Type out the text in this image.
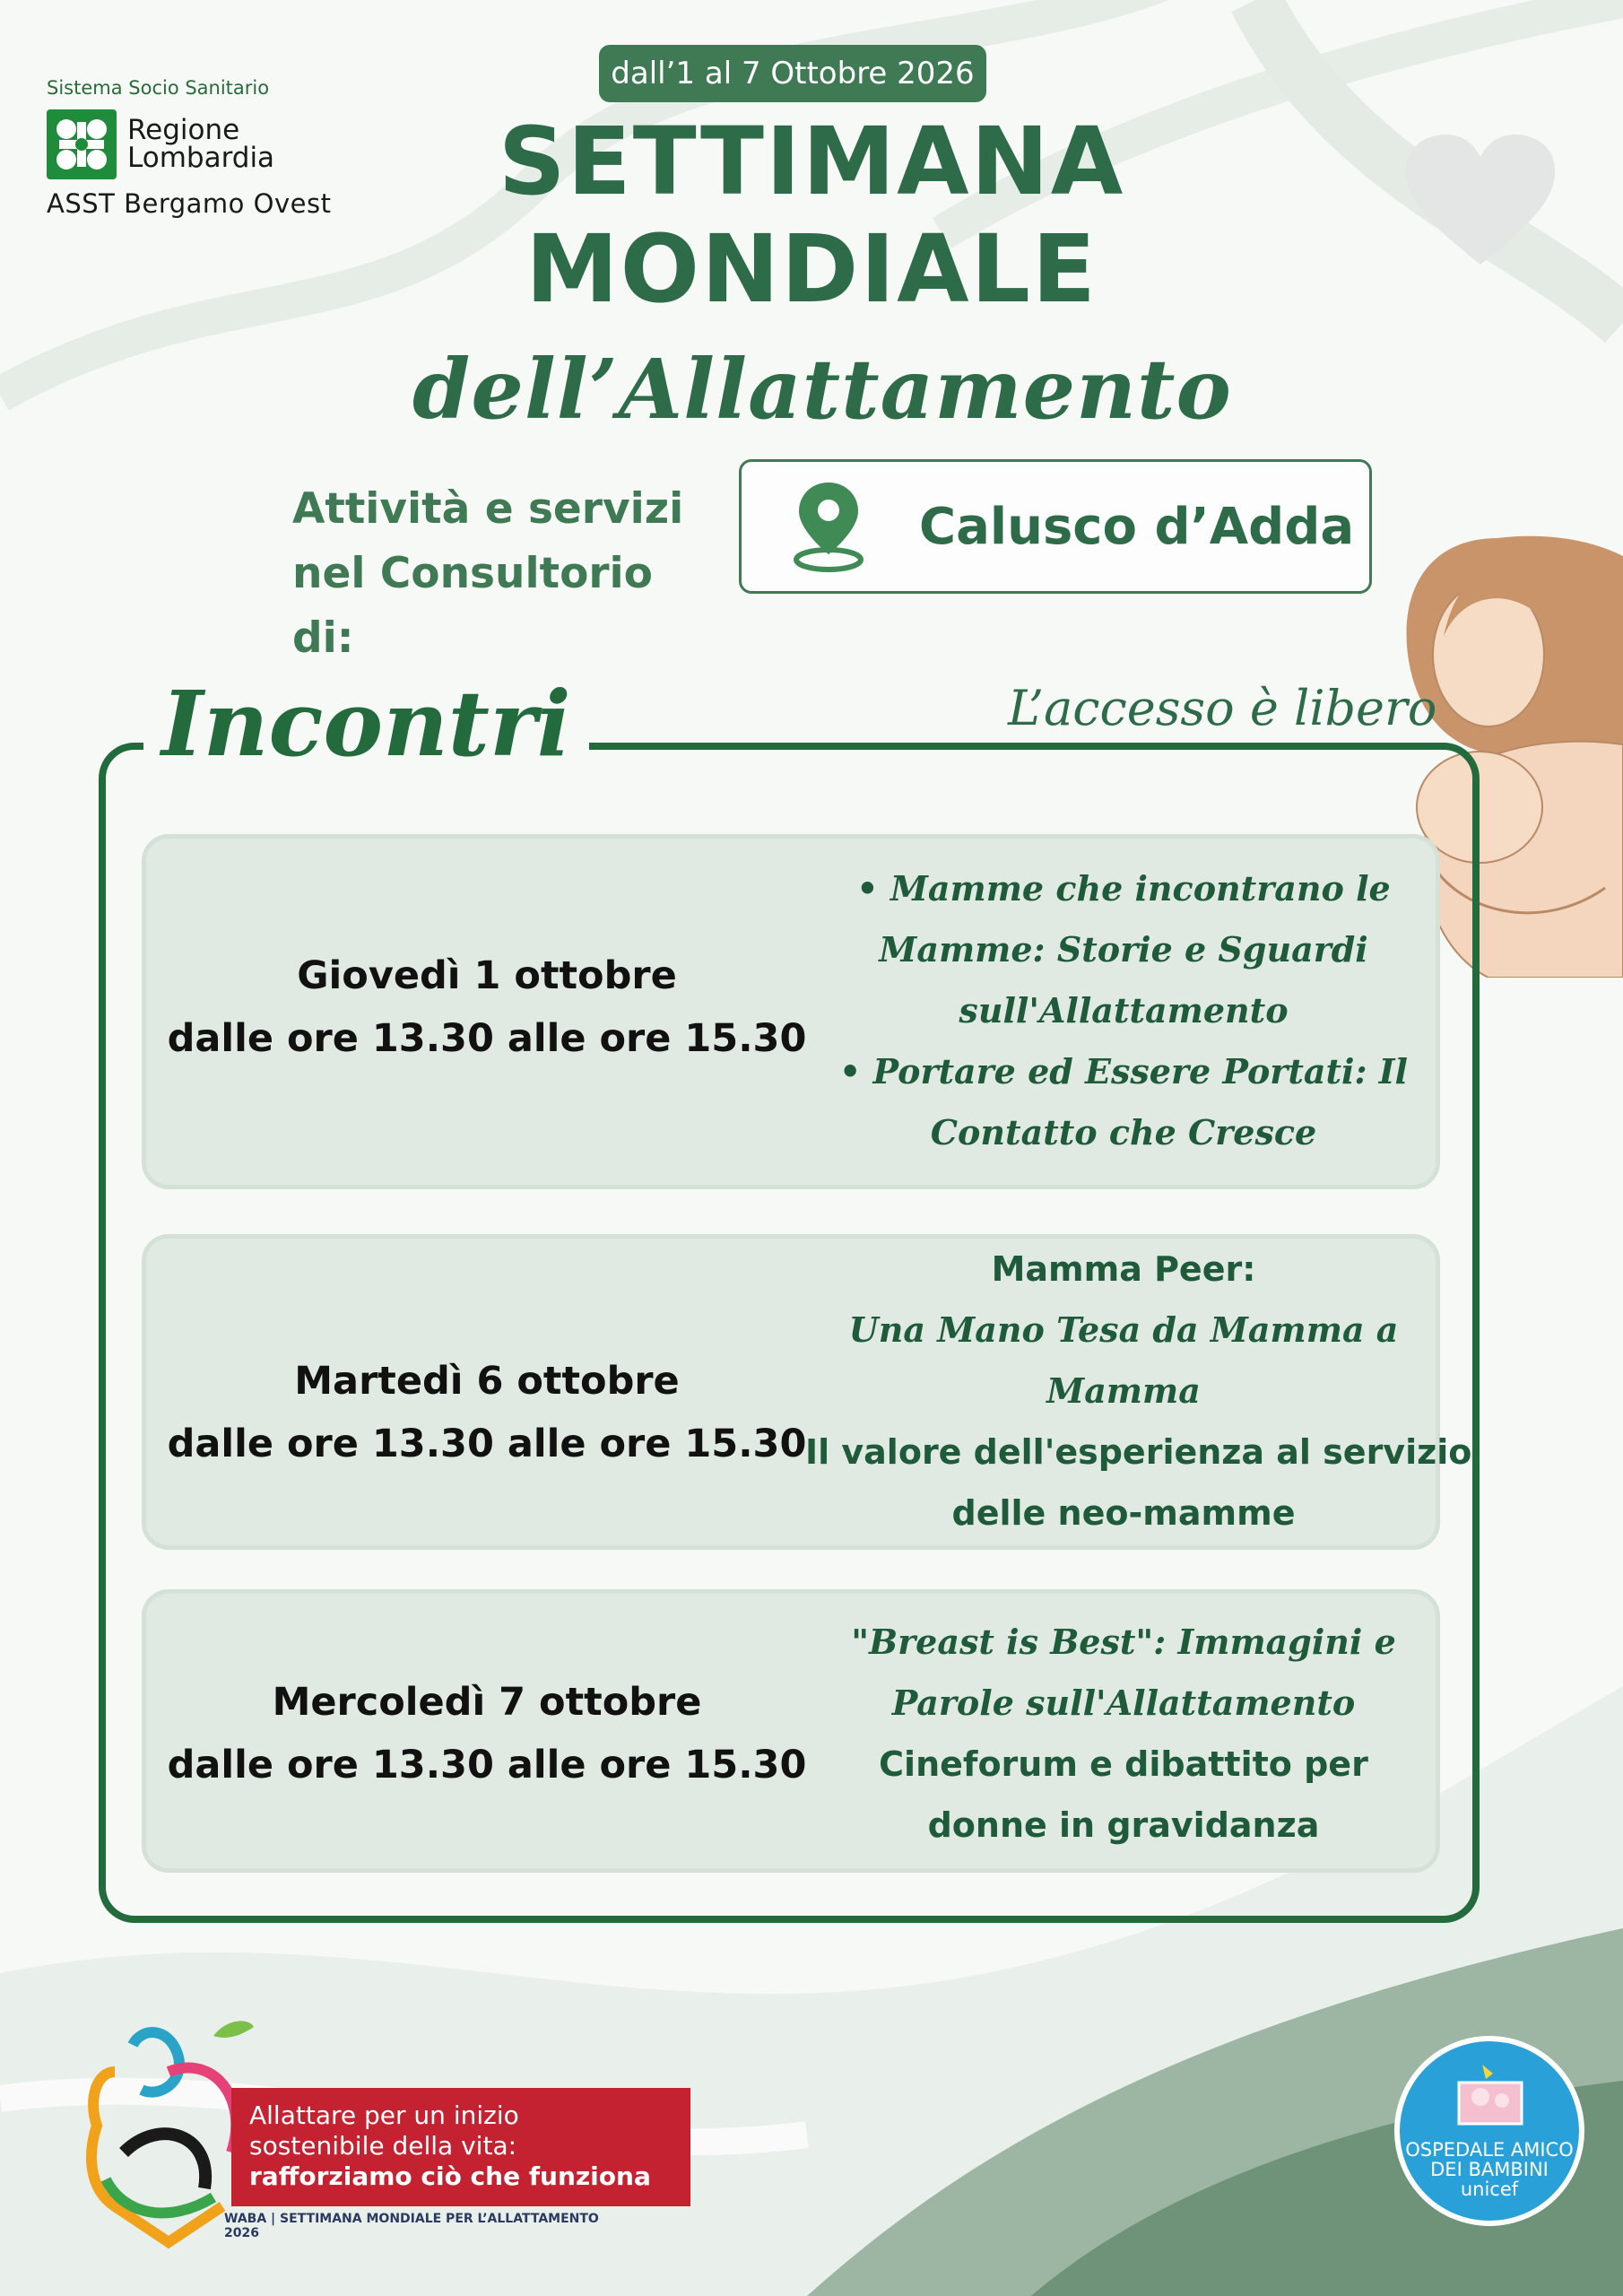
Sistema Socio Sanitario
Regione
Lombardia
ASST Bergamo Ovest
dall’1 al 7 Ottobre 2026
SETTIMANA
MONDIALE
dell’Allattamento
Attività e servizi
nel Consultorio di:
Calusco d’Adda
Incontri	L’accesso è libero
Giovedì 1 ottobre
dalle ore 13.30 alle ore 15.30
• Mamme che incontrano le
Mamme: Storie e Sguardi
sull'Allattamento
• Portare ed Essere Portati: Il
Contatto che Cresce
Martedì 6 ottobre
dalle ore 13.30 alle ore 15.30
Mamma Peer:
Una Mano Tesa da Mamma a
Mamma
Il valore dell'esperienza al servizio
delle neo-mamme
Mercoledì 7 ottobre
dalle ore 13.30 alle ore 15.30
"Breast is Best": Immagini e
Parole sull'Allattamento
Cineforum e dibattito per
donne in gravidanza
Allattare per un inizio
sostenibile della vita:
rafforziamo ciò che funziona
WABA | SETTIMANA MONDIALE PER L’ALLATTAMENTO 2026
OSPEDALE AMICO
DEI BAMBINI
unicef
